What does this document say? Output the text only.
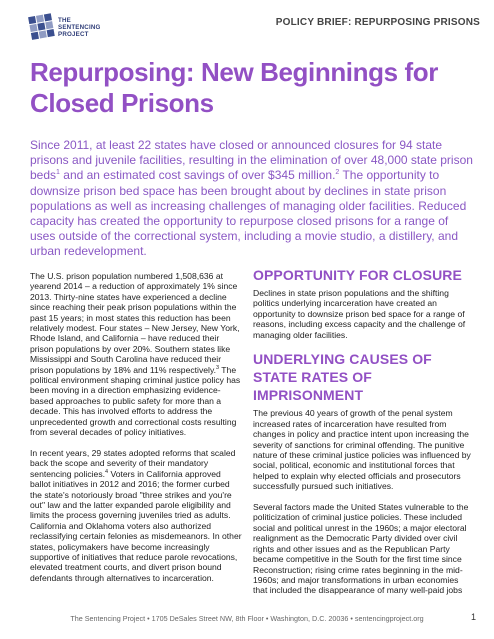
THE
SENTENCING
PROJECT
POLICY BRIEF: REPURPOSING PRISONS
Repurposing: New Beginnings for Closed Prisons

Since 2011, at least 22 states have closed or announced closures for 94 state prisons and juvenile facilities, resulting in the elimination of over 48,000 state prison beds$^1$ and an estimated cost savings of over $345 million.$^2$ The opportunity to downsize prison bed space has been brought about by declines in state prison populations as well as increasing challenges of managing older facilities. Reduced capacity has created the opportunity to repurpose closed prisons for a range of uses outside of the correctional system, including a movie studio, a distillery, and urban redevelopment.

The U.S. prison population numbered 1,508,636 at yearend 2014 – a reduction of approximately 1% since 2013. Thirty-nine states have experienced a decline since reaching their peak prison populations within the past 15 years; in most states this reduction has been relatively modest. Four states – New Jersey, New York, Rhode Island, and California – have reduced their prison populations by over 20%. Southern states like Mississippi and South Carolina have reduced their prison populations by 18% and 11% respectively.$^3$ The political environment shaping criminal justice policy has been moving in a direction emphasizing evidence-based approaches to public safety for more than a decade. This has involved efforts to address the unprecedented growth and correctional costs resulting from several decades of policy initiatives.

In recent years, 29 states adopted reforms that scaled back the scope and severity of their mandatory sentencing policies.$^4$ Voters in California approved ballot initiatives in 2012 and 2016; the former curbed the state's notoriously broad "three strikes and you're out" law and the latter expanded parole eligibility and limits the process governing juveniles tried as adults. California and Oklahoma voters also authorized reclassifying certain felonies as misdemeanors. In other states, policymakers have become increasingly supportive of initiatives that reduce parole revocations, elevated treatment courts, and divert prison bound defendants through alternatives to incarceration.

OPPORTUNITY FOR CLOSURE

Declines in state prison populations and the shifting politics underlying incarceration have created an opportunity to downsize prison bed space for a range of reasons, including excess capacity and the challenge of managing older facilities.

UNDERLYING CAUSES OF STATE RATES OF IMPRISONMENT

The previous 40 years of growth of the penal system increased rates of incarceration have resulted from changes in policy and practice intent upon increasing the severity of sanctions for criminal offending. The punitive nature of these criminal justice policies was influenced by social, political, economic and institutional forces that helped to explain why elected officials and prosecutors successfully pursued such initiatives.

Several factors made the United States vulnerable to the politicization of criminal justice policies. These included social and political unrest in the 1960s; a major electoral realignment as the Democratic Party divided over civil rights and other issues and as the Republican Party became competitive in the South for the first time since Reconstruction; rising crime rates beginning in the mid-1960s; and major transformations in urban economies that included the disappearance of many well-paid jobs

The Sentencing Project • 1705 DeSales Street NW, 8th Floor • Washington, D.C. 20036 • sentencingproject.org	1
